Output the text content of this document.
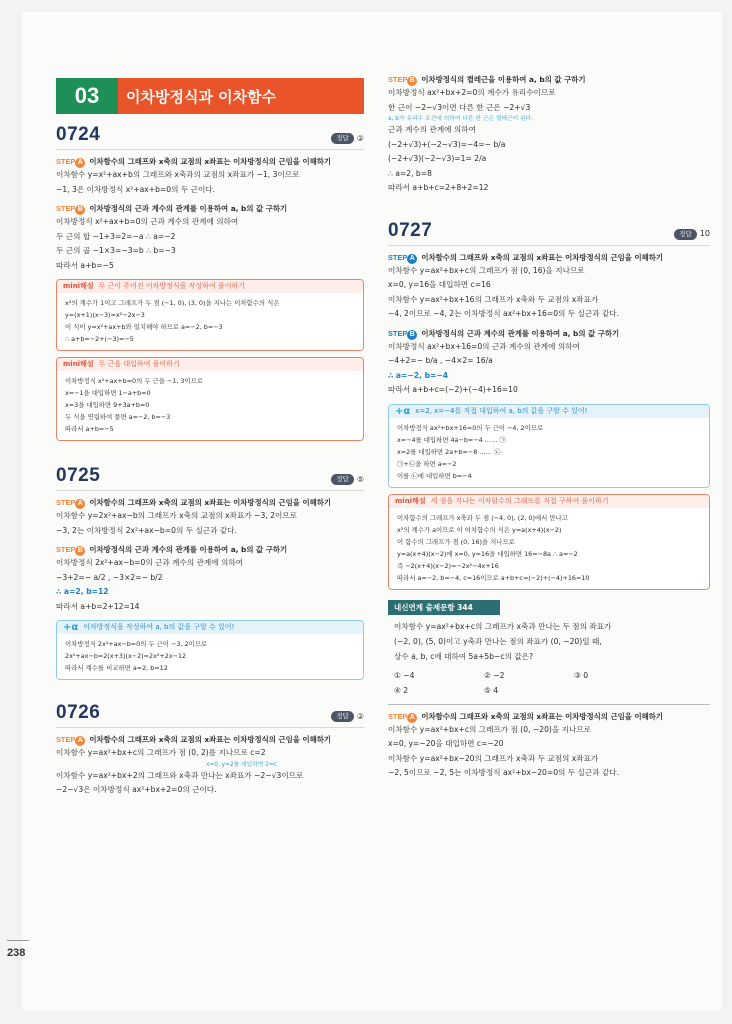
238
03	이차방정식과 이차함수
0724	정답	②
STEP A 이차함수의 그래프와 x축의 교점의 x좌표는 이차방정식의 근임을 이해하기
이차함수 y=x²+ax+b의 그래프와 x축과의 교점의 x좌표가 −1, 3이므로
−1, 3은 이차방정식 x²+ax+b=0의 두 근이다.
STEP B 이차방정식의 근과 계수의 관계를 이용하여 a, b의 값 구하기
이차방정식 x²+ax+b=0의 근과 계수의 관계에 의하여
두 근의 합 −1+3=2=−a ∴ a=−2
두 근의 곱 −1×3=−3=b ∴ b=−3
따라서 a+b=−5
mini해설 두 근이 주어진 이차방정식을 작성하여 풀이하기
x²의 계수가 1이고 그래프가 두 점 (−1, 0), (3, 0)을 지나는 이차함수의 식은
y=(x+1)(x−3)=x²−2x−3
이 식이 y=x²+ax+b와 일치해야 하므로 a=−2, b=−3
∴ a+b=−2+(−3)=−5
mini해설 두 근을 대입하여 풀이하기
이차방정식 x²+ax+b=0의 두 근을 −1, 3이므로
x=−1을 대입하면 1−a+b=0
x=3을 대입하면 9+3a+b=0
두 식을 연립하여 풀면 a=−2, b=−3
따라서 a+b=−5
0725	정답	⑤
STEP A 이차함수의 그래프와 x축의 교점의 x좌표는 이차방정식의 근임을 이해하기
이차함수 y=2x²+ax−b의 그래프가 x축의 교점의 x좌표가 −3, 2이므로
−3, 2는 이차방정식 2x²+ax−b=0의 두 실근과 같다.
STEP B 이차방정식의 근과 계수의 관계를 이용하여 a, b의 값 구하기
이차방정식 2x²+ax−b=0의 근과 계수의 관계에 의하여
−3+2=− a/2 , −3×2=− b/2
∴ a=2, b=12
따라서 a+b=2+12=14
+α 이차방정식을 작성하여 a, b의 값을 구할 수 있어!
이차방정식 2x²+ax−b=0의 두 근이 −3, 2이므로
2x²+ax−b=2(x+3)(x−2)=2x²+2x−12
따라서 계수를 비교하면 a=2, b=12
0726	정답	②
STEP A 이차함수의 그래프와 x축의 교점의 x좌표는 이차방정식의 근임을 이해하기
이차함수 y=ax²+bx+c의 그래프가 점 (0, 2)를 지나므로 c=2
x=0, y=2를 대입하면 2=c
이차함수 y=ax²+bx+2의 그래프와 x축과 만나는 x좌표가 −2−√3이므로
−2−√3은 이차방정식 ax²+bx+2=0의 근이다.
STEP B 이차방정식의 켤레근을 이용하여 a, b의 값 구하기
이차방정식 ax²+bx+2=0의 계수가 유리수이므로
한 근이 −2−√3이면 다른 한 근은 −2+√3
a, b가 유리수 조건에 의하여 다른 한 근은 켤레근이 된다.
근과 계수의 관계에 의하여
(−2+√3)+(−2−√3)=−4=− b/a
(−2+√3)(−2−√3)=1= 2/a
∴ a=2, b=8
따라서 a+b+c=2+8+2=12
0727	정답	10
STEP A 이차함수의 그래프와 x축의 교점의 x좌표는 이차방정식의 근임을 이해하기
이차함수 y=ax²+bx+c의 그래프가 점 (0, 16)을 지나므로
x=0, y=16을 대입하면 c=16
이차함수 y=ax²+bx+16의 그래프가 x축와 두 교점의 x좌표가
−4, 2이므로 −4, 2는 이차방정식 ax²+bx+16=0의 두 실근과 같다.
STEP B 이차방정식의 근과 계수의 관계를 이용하여 a, b의 값 구하기
이차방정식 ax²+bx+16=0의 근과 계수의 관계에 의하여
−4+2=− b/a , −4×2= 16/a
∴ a=−2, b=−4
따라서 a+b+c=(−2)+(−4)+16=10
+α x=2, x=−4를 직접 대입하여 a, b의 값을 구할 수 있어!
이차방정식 ax²+bx+16=0의 두 근이 −4, 2이므로
x=−4를 대입하면 4a−b=−4 …… ㉠
x=2를 대입하면 2a+b=−8 …… ㉡
㉠+㉡을 하면 a=−2
이를 ㉡에 대입하면 b=−4
mini해설 세 점을 지나는 이차함수의 그래프를 직접 구하여 풀이하기
이차함수의 그래프가 x축과 두 점 (−4, 0), (2, 0)에서 만나고
x²의 계수가 a이므로 이 이차함수의 식은 y=a(x+4)(x−2)
이 함수의 그래프가 점 (0, 16)을 지나므로
y=a(x+4)(x−2)에 x=0, y=16을 대입하면 16=−8a ∴ a=−2
즉 −2(x+4)(x−2)=−2x²−4x+16
따라서 a=−2, b=−4, c=16이므로 a+b+c=(−2)+(−4)+16=10
내신연계 출제문항 344
이차함수 y=ax²+bx+c의 그래프가 x축과 만나는 두 점의 좌표가
(−2, 0), (5, 0)이고 y축과 만나는 점의 좌표가 (0, −20)일 때,
상수 a, b, c에 대하여 5a+5b−c의 값은?
① −4	② −2	③ 0
④ 2	⑤ 4
STEP A 이차함수의 그래프와 x축의 교점의 x좌표는 이차방정식의 근임을 이해하기
이차함수 y=ax²+bx+c의 그래프가 점 (0, −20)을 지나므로
x=0, y=−20을 대입하면 c=−20
이차함수 y=ax²+bx−20의 그래프가 x축과 두 교점의 x좌표가
−2, 5이므로 −2, 5는 이차방정식 ax²+bx−20=0의 두 실근과 같다.
